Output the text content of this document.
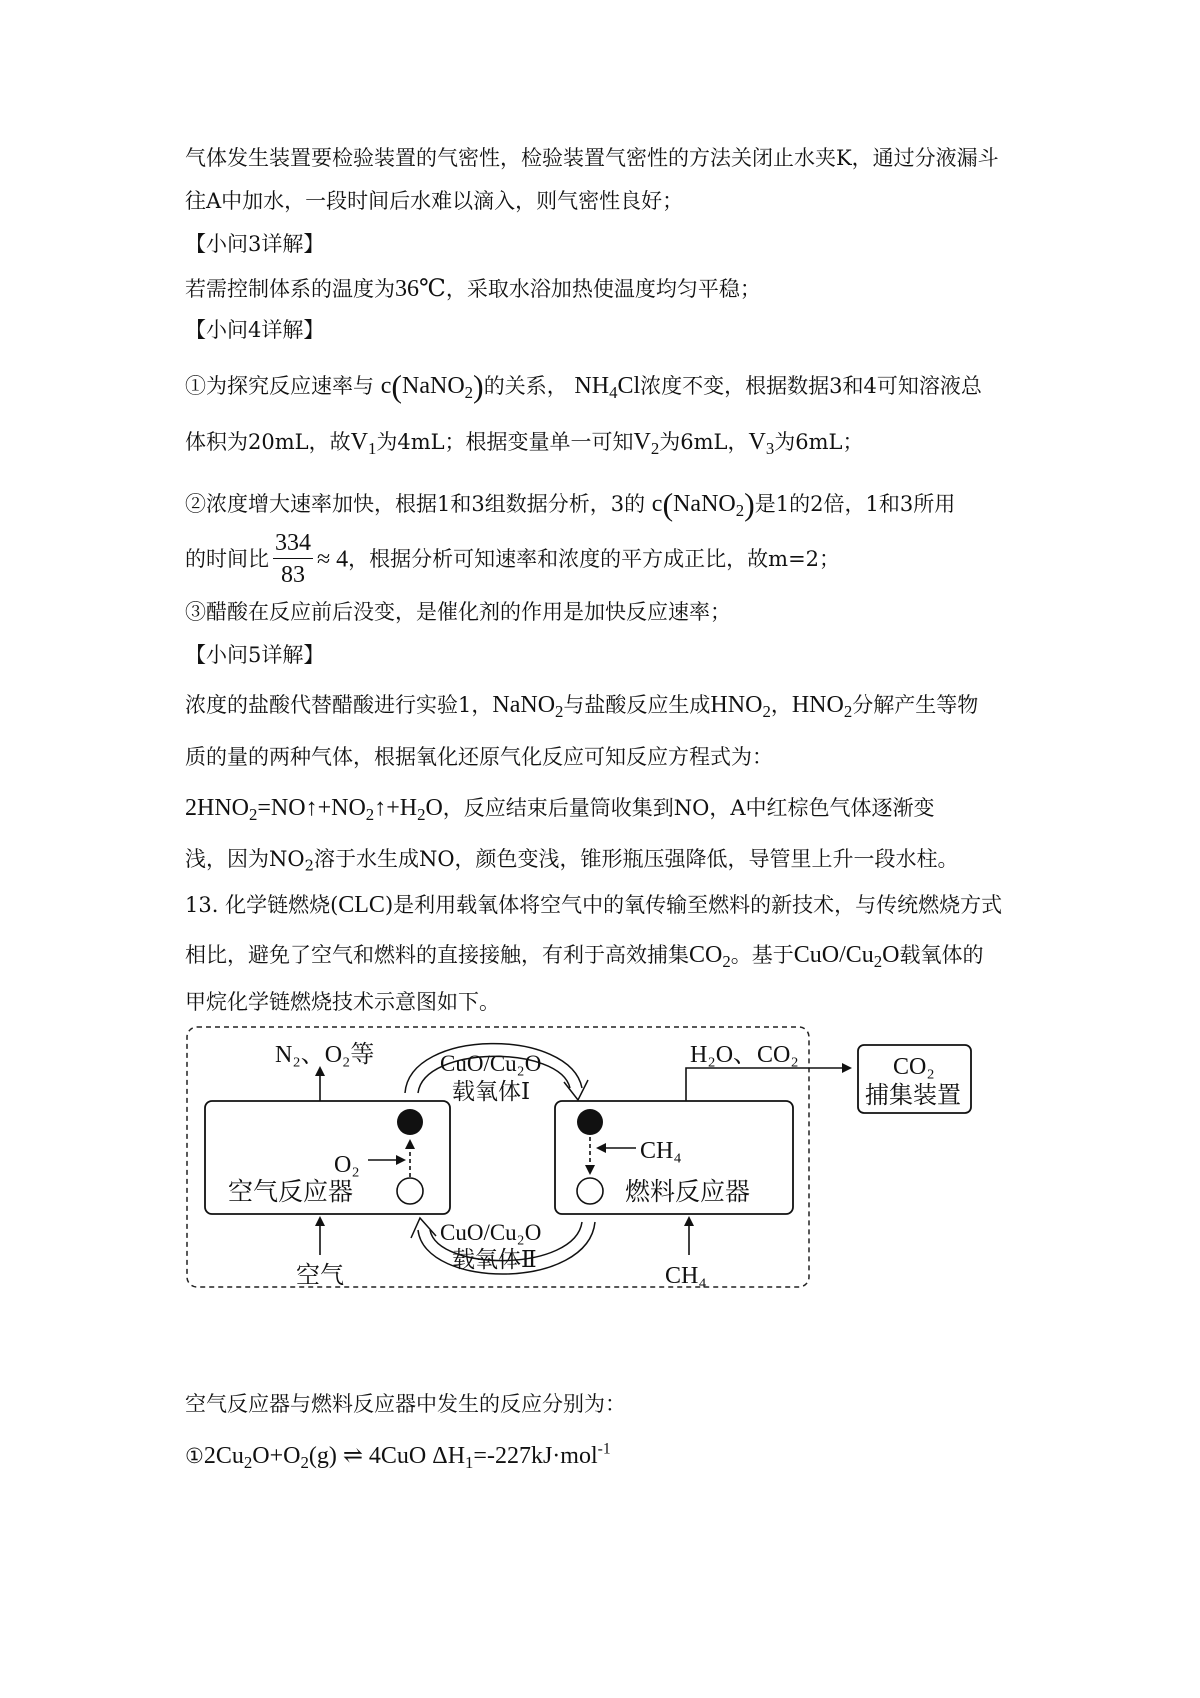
气体发生装置要检验装置的气密性，检验装置气密性的方法关闭止水夹K，通过分液漏斗
往A中加水，一段时间后水难以滴入，则气密性良好；
【小问3详解】
若需控制体系的温度为36℃，采取水浴加热使温度均匀平稳；
【小问4详解】
①为探究反应速率与 c(NaNO$_2$)的关系， $NH_4Cl$浓度不变，根据数据3和4可知溶液总
体积为20mL，故$V_1$为4mL；根据变量单一可知$V_2$为6mL，$V_3$为6mL；
②浓度增大速率加快，根据1和3组数据分析，3的 c(NaNO$_2$)是1的2倍，1和3所用
的时间比 $\frac{334}{83} \approx 4$，根据分析可知速率和浓度的平方成正比，故m=2；
③醋酸在反应前后没变，是催化剂的作用是加快反应速率；
【小问5详解】
浓度的盐酸代替醋酸进行实验1，NaNO$_2$与盐酸反应生成$HNO_2$，$HNO_2$分解产生等物
质的量的两种气体，根据氧化还原气化反应可知反应方程式为：
$2HNO_2=NO↑+NO_2↑+H_2O$，反应结束后量筒收集到NO，A中红棕色气体逐渐变
浅，因为$NO_2$溶于水生成NO，颜色变浅，锥形瓶压强降低，导管里上升一段水柱。
13. 化学链燃烧(CLC)是利用载氧体将空气中的氧传输至燃料的新技术，与传统燃烧方式
相比，避免了空气和燃料的直接接触，有利于高效捕集$CO_2$。基于CuO/$Cu_2O$载氧体的
甲烷化学链燃烧技术示意图如下。
N₂、O₂等
空气	CH₄
H₂O、CO₂	CO₂
捕集装置
O₂
空气反应器
CH₄
燃料反应器
CuO/Cu₂O
载氧体Ⅰ
CuO/Cu₂O
载氧体Ⅱ
空气反应器与燃料反应器中发生的反应分别为：
$①2Cu_2O+O_2(g)$ ⇌ 4CuO $\Delta H_1=-227kJ\cdot mol^{-1}$
